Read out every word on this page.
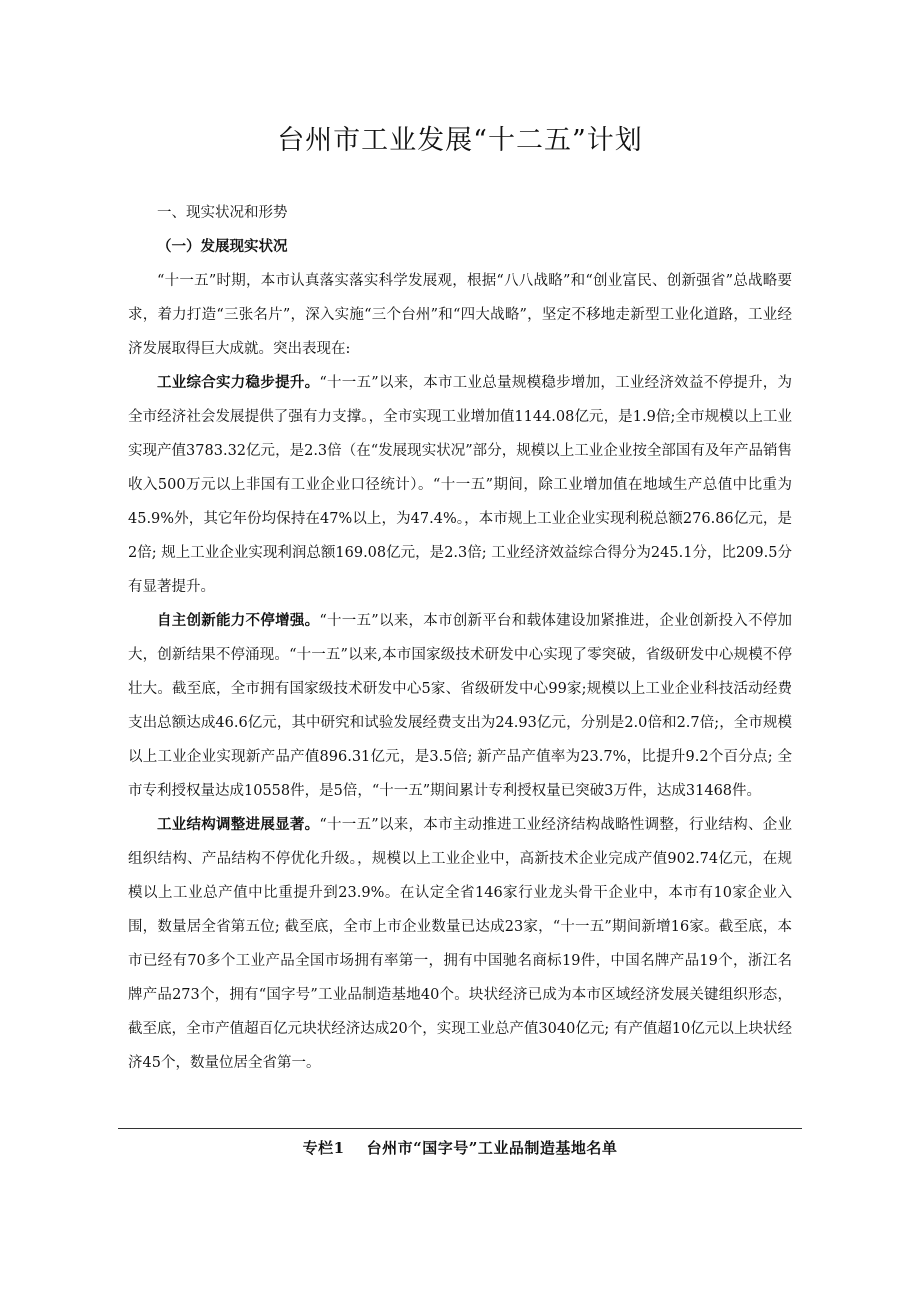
台州市工业发展“十二五”计划

一、现实状况和形势

（一）发展现实状况

“十一五”时期，本市认真落实落实科学发展观，根据“八八战略”和“创业富民、创新强省”总战略要求，着力打造“三张名片”，深入实施“三个台州”和“四大战略”，坚定不移地走新型工业化道路，工业经济发展取得巨大成就。突出表现在:

工业综合实力稳步提升。“十一五”以来，本市工业总量规模稳步增加，工业经济效益不停提升，为全市经济社会发展提供了强有力支撑。，全市实现工业增加值1144.08亿元，是1.9倍;全市规模以上工业实现产值3783.32亿元，是2.3倍（在“发展现实状况”部分，规模以上工业企业按全部国有及年产品销售收入500万元以上非国有工业企业口径统计）。“十一五”期间，除工业增加值在地域生产总值中比重为45.9%外，其它年份均保持在47%以上，为47.4%。，本市规上工业企业实现利税总额276.86亿元，是2倍; 规上工业企业实现利润总额169.08亿元，是2.3倍; 工业经济效益综合得分为245.1分，比209.5分有显著提升。

自主创新能力不停增强。“十一五”以来，本市创新平台和载体建设加紧推进，企业创新投入不停加大，创新结果不停涌现。“十一五”以来,本市国家级技术研发中心实现了零突破，省级研发中心规模不停壮大。截至底，全市拥有国家级技术研发中心5家、省级研发中心99家;规模以上工业企业科技活动经费支出总额达成46.6亿元，其中研究和试验发展经费支出为24.93亿元，分别是2.0倍和2.7倍;，全市规模以上工业企业实现新产品产值896.31亿元，是3.5倍; 新产品产值率为23.7%，比提升9.2个百分点; 全市专利授权量达成10558件，是5倍，“十一五”期间累计专利授权量已突破3万件，达成31468件。

工业结构调整进展显著。“十一五”以来，本市主动推进工业经济结构战略性调整，行业结构、企业组织结构、产品结构不停优化升级。，规模以上工业企业中，高新技术企业完成产值902.74亿元，在规模以上工业总产值中比重提升到23.9%。在认定全省146家行业龙头骨干企业中，本市有10家企业入围，数量居全省第五位; 截至底，全市上市企业数量已达成23家，“十一五”期间新增16家。截至底，本市已经有70多个工业产品全国市场拥有率第一，拥有中国驰名商标19件，中国名牌产品19个，浙江名牌产品273个，拥有“国字号”工业品制造基地40个。块状经济已成为本市区域经济发展关键组织形态，截至底，全市产值超百亿元块状经济达成20个，实现工业总产值3040亿元; 有产值超10亿元以上块状经济45个，数量位居全省第一。

专栏1 台州市“国字号”工业品制造基地名单
